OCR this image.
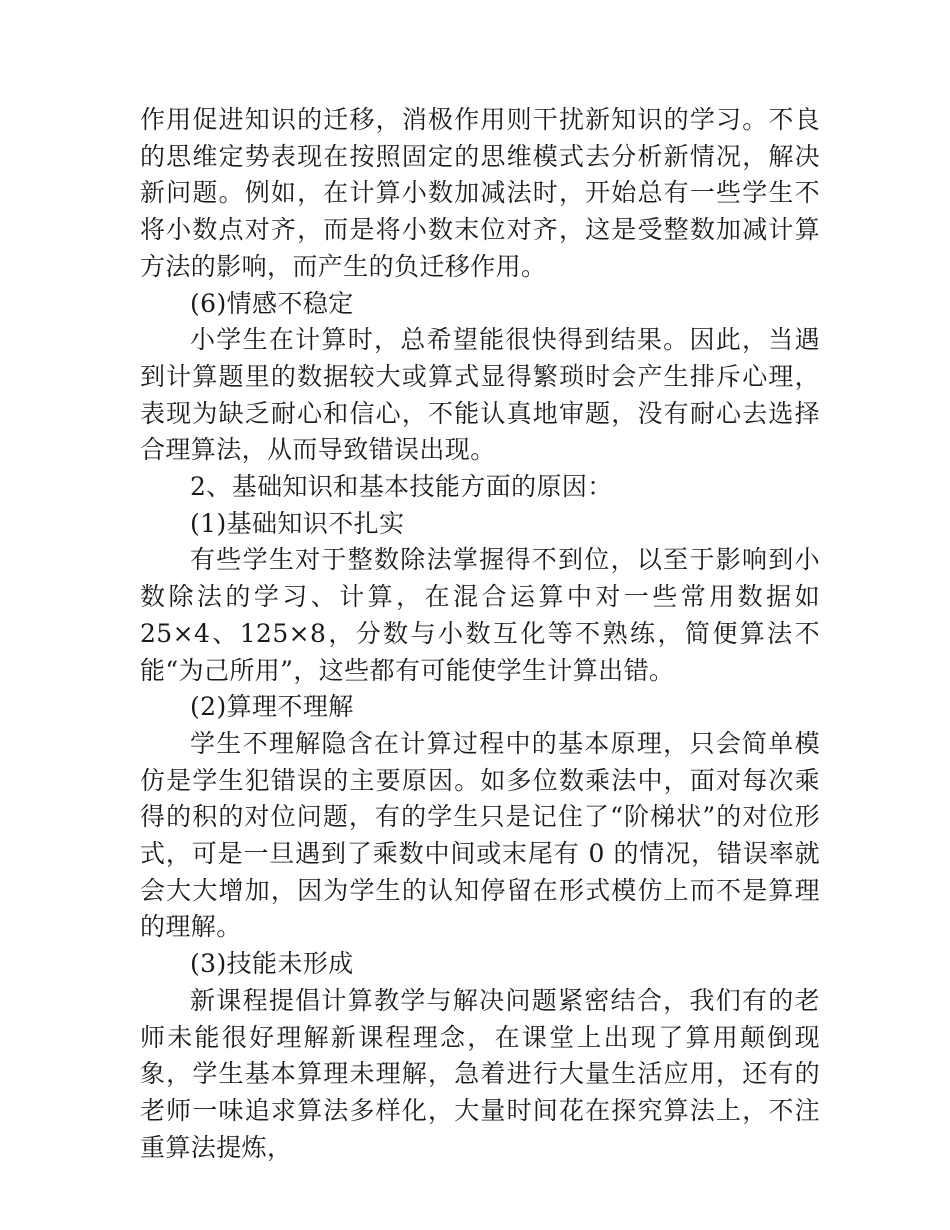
作用促进知识的迁移，消极作用则干扰新知识的学习。不良的思维定势表现在按照固定的思维模式去分析新情况，解决新问题。例如，在计算小数加减法时，开始总有一些学生不将小数点对齐，而是将小数末位对齐，这是受整数加减计算方法的影响，而产生的负迁移作用。

(6)情感不稳定

小学生在计算时，总希望能很快得到结果。因此，当遇到计算题里的数据较大或算式显得繁琐时会产生排斥心理，表现为缺乏耐心和信心，不能认真地审题，没有耐心去选择合理算法，从而导致错误出现。

2、基础知识和基本技能方面的原因：

(1)基础知识不扎实

有些学生对于整数除法掌握得不到位，以至于影响到小数除法的学习、计算，在混合运算中对一些常用数据如 25×4、125×8，分数与小数互化等不熟练，简便算法不能“为己所用”，这些都有可能使学生计算出错。

(2)算理不理解

学生不理解隐含在计算过程中的基本原理，只会简单模仿是学生犯错误的主要原因。如多位数乘法中，面对每次乘得的积的对位问题，有的学生只是记住了“阶梯状”的对位形式，可是一旦遇到了乘数中间或末尾有 0 的情况，错误率就会大大增加，因为学生的认知停留在形式模仿上而不是算理的理解。

(3)技能未形成

新课程提倡计算教学与解决问题紧密结合，我们有的老师未能很好理解新课程理念，在课堂上出现了算用颠倒现象，学生基本算理未理解，急着进行大量生活应用，还有的老师一味追求算法多样化，大量时间花在探究算法上，不注重算法提炼，
